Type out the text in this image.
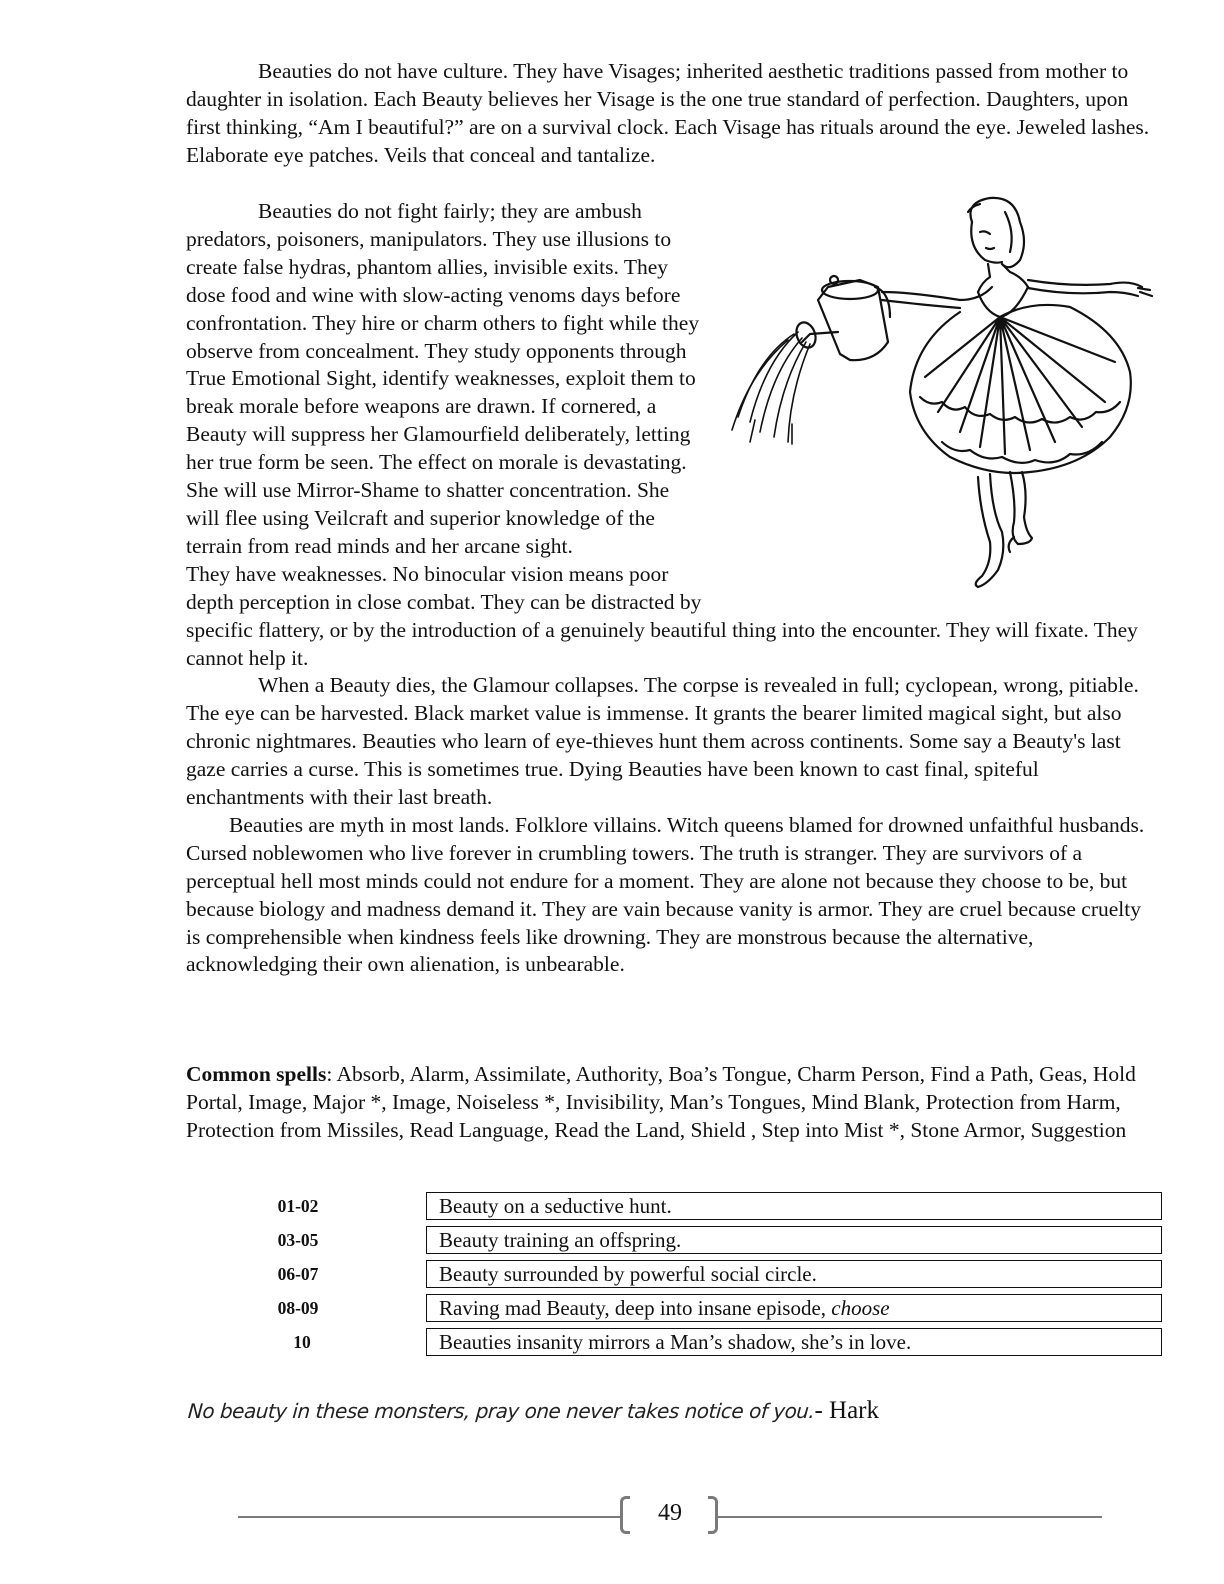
Beauties do not have culture. They have Visages; inherited aesthetic traditions passed from mother to daughter in isolation. Each Beauty believes her Visage is the one true standard of perfection. Daughters, upon first thinking, “Am I beautiful?” are on a survival clock. Each Visage has rituals around the eye. Jeweled lashes. Elaborate eye patches. Veils that conceal and tantalize.

Beauties do not fight fairly; they are ambush predators, poisoners, manipulators. They use illusions to create false hydras, phantom allies, invisible exits. They dose food and wine with slow-acting venoms days before confrontation. They hire or charm others to fight while they observe from concealment. They study opponents through True Emotional Sight, identify weaknesses, exploit them to break morale before weapons are drawn. If cornered, a Beauty will suppress her Glamourfield deliberately, letting her true form be seen. The effect on morale is devastating. She will use Mirror-Shame to shatter concentration. She will flee using Veilcraft and superior knowledge of the terrain from read minds and her arcane sight.

They have weaknesses. No binocular vision means poor depth perception in close combat. They can be distracted by specific flattery, or by the introduction of a genuinely beautiful thing into the encounter. They will fixate. They cannot help it.

When a Beauty dies, the Glamour collapses. The corpse is revealed in full; cyclopean, wrong, pitiable. The eye can be harvested. Black market value is immense. It grants the bearer limited magical sight, but also chronic nightmares. Beauties who learn of eye-thieves hunt them across continents. Some say a Beauty's last gaze carries a curse. This is sometimes true. Dying Beauties have been known to cast final, spiteful enchantments with their last breath.

Beauties are myth in most lands. Folklore villains. Witch queens blamed for drowned unfaithful husbands. Cursed noblewomen who live forever in crumbling towers. The truth is stranger. They are survivors of a perceptual hell most minds could not endure for a moment. They are alone not because they choose to be, but because biology and madness demand it. They are vain because vanity is armor. They are cruel because cruelty is comprehensible when kindness feels like drowning. They are monstrous because the alternative, acknowledging their own alienation, is unbearable.

Common spells: Absorb, Alarm, Assimilate, Authority, Boa’s Tongue, Charm Person, Find a Path, Geas, Hold Portal, Image, Major *, Image, Noiseless *, Invisibility, Man’s Tongues, Mind Blank, Protection from Harm, Protection from Missiles, Read Language, Read the Land, Shield , Step into Mist *, Stone Armor, Suggestion
01-02	Beauty on a seductive hunt.
03-05	Beauty training an offspring.
06-07	Beauty surrounded by powerful social circle.
08-09	Raving mad Beauty, deep into insane episode, choose
10	Beauties insanity mirrors a Man’s shadow, she’s in love.
No beauty in these monsters, pray one never takes notice of you.- Hark
49
